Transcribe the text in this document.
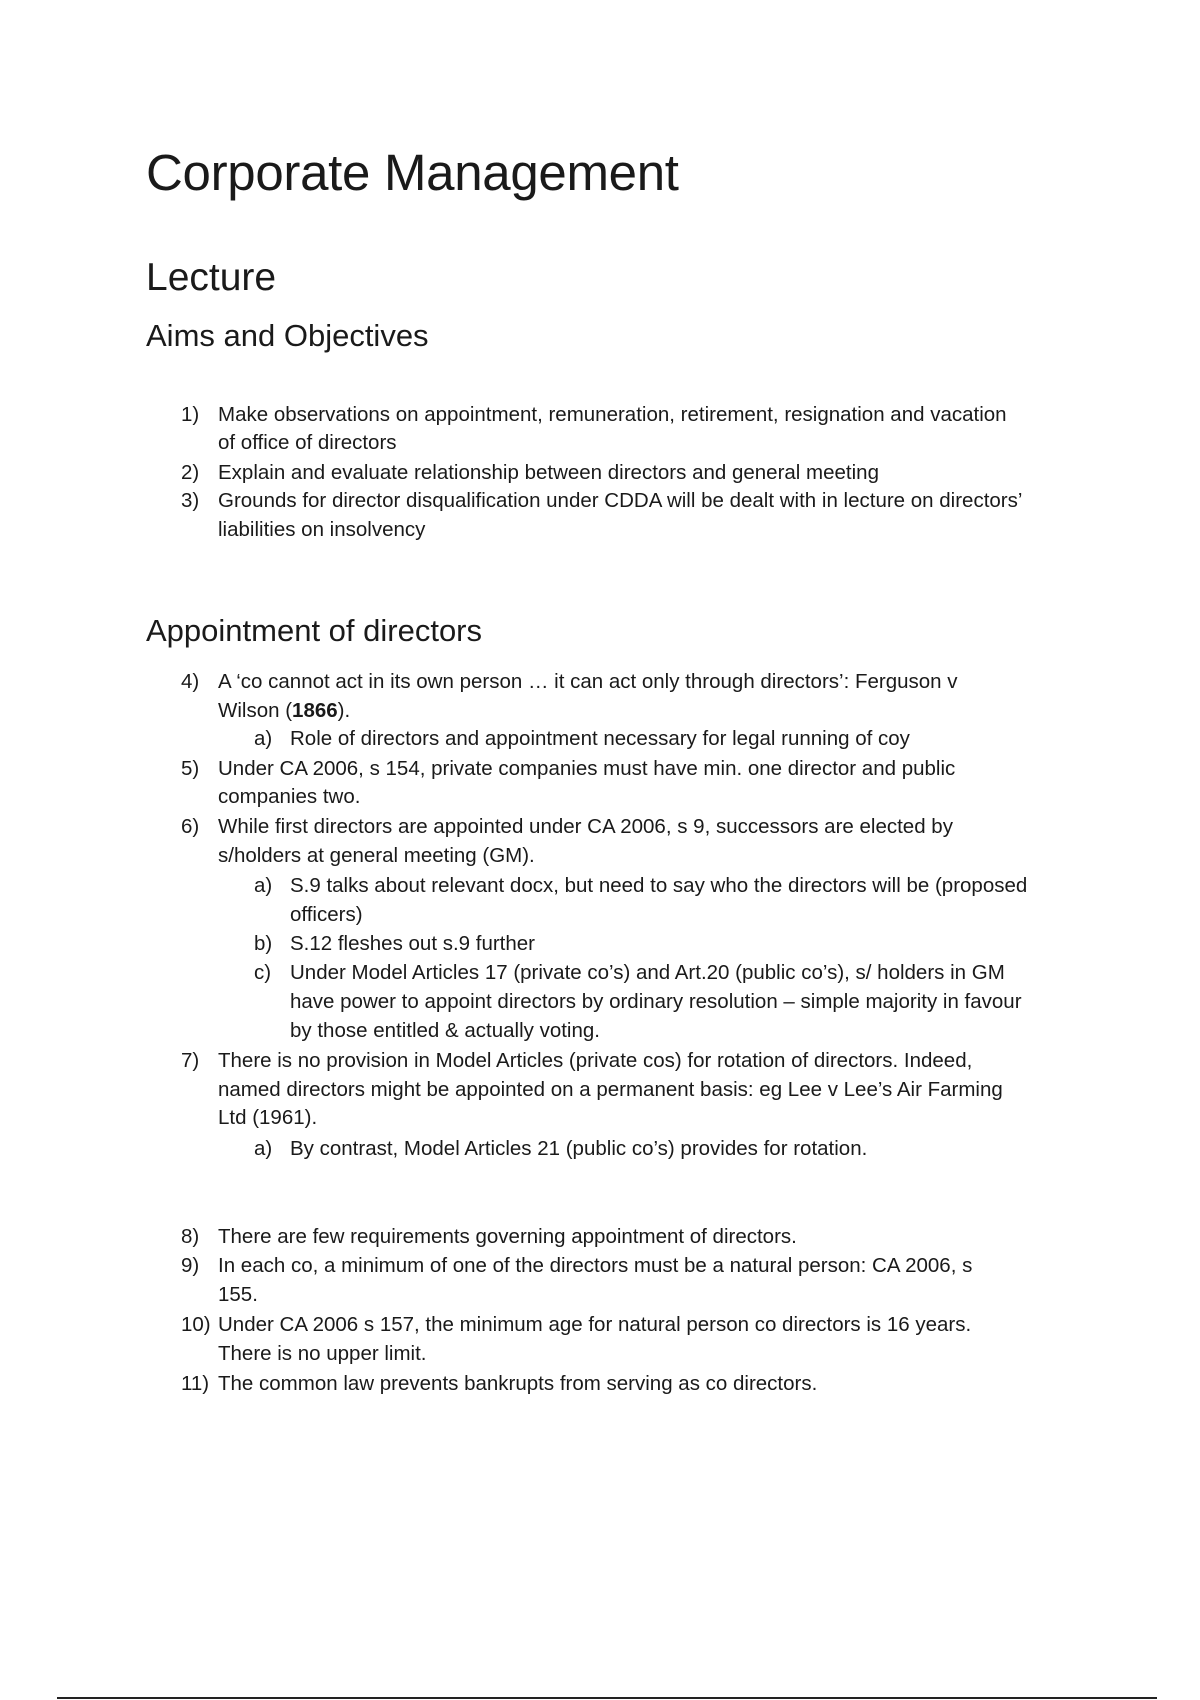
Corporate Management
Lecture
Aims and Objectives
1) Make observations on appointment, remuneration, retirement, resignation and vacation
of office of directors
2) Explain and evaluate relationship between directors and general meeting
3) Grounds for director disqualification under CDDA will be dealt with in lecture on directors’
liabilities on insolvency
Appointment of directors
4) A ‘co cannot act in its own person … it can act only through directors’: Ferguson v
Wilson (1866).
a) Role of directors and appointment necessary for legal running of coy
5) Under CA 2006, s 154, private companies must have min. one director and public
companies two.
6) While first directors are appointed under CA 2006, s 9, successors are elected by
s/holders at general meeting (GM).
a) S.9 talks about relevant docx, but need to say who the directors will be (proposed
officers)
b) S.12 fleshes out s.9 further
c) Under Model Articles 17 (private co’s) and Art.20 (public co’s), s/ holders in GM
have power to appoint directors by ordinary resolution – simple majority in favour
by those entitled & actually voting.
7) There is no provision in Model Articles (private cos) for rotation of directors. Indeed,
named directors might be appointed on a permanent basis: eg Lee v Lee’s Air Farming
Ltd (1961).
a) By contrast, Model Articles 21 (public co’s) provides for rotation.
8) There are few requirements governing appointment of directors.
9) In each co, a minimum of one of the directors must be a natural person: CA 2006, s
155.
10) Under CA 2006 s 157, the minimum age for natural person co directors is 16 years.
There is no upper limit.
11) The common law prevents bankrupts from serving as co directors.
